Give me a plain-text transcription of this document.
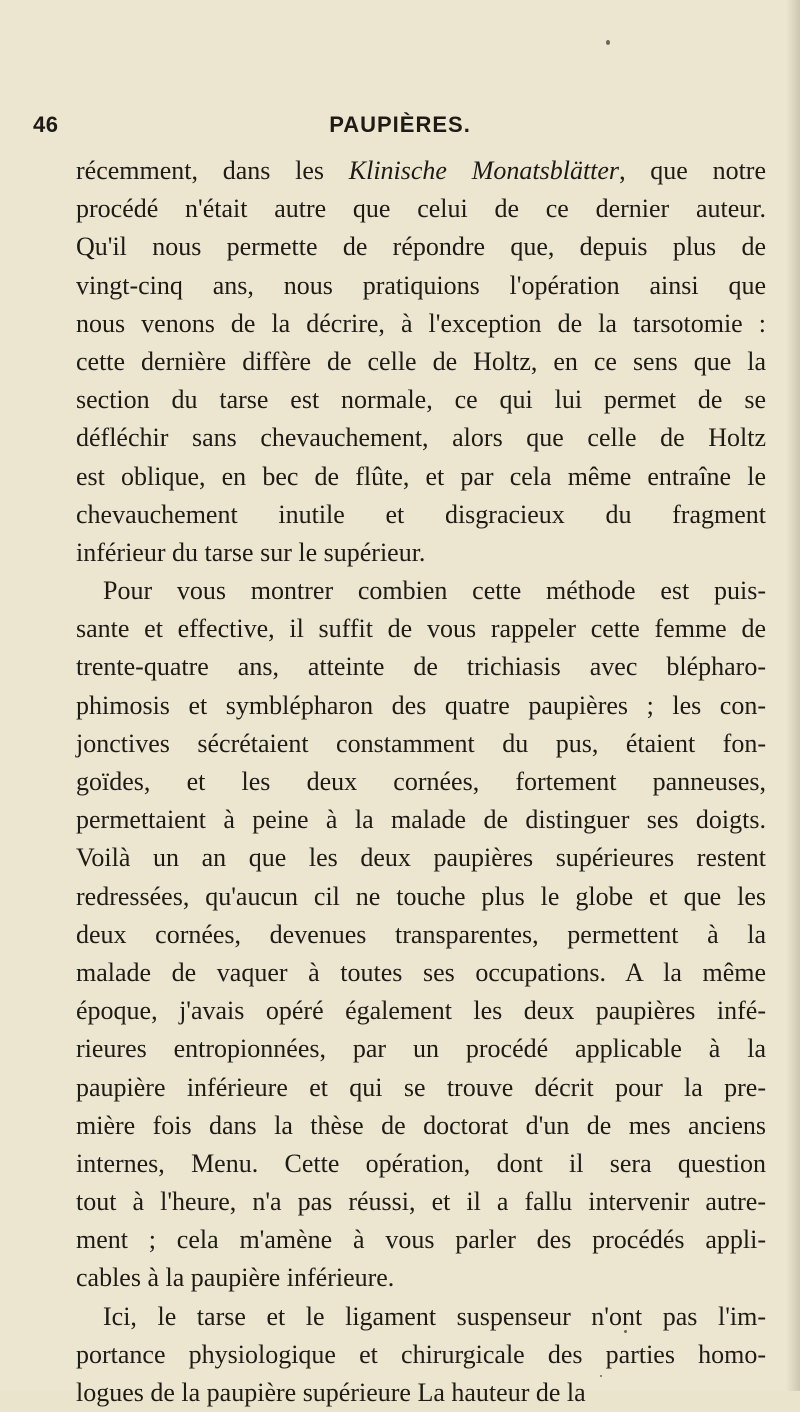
46	PAUPIÈRES.
récemment, dans les Klinische Monatsblätter, que notre
procédé n'était autre que celui de ce dernier auteur.
Qu'il nous permette de répondre que, depuis plus de
vingt-cinq ans, nous pratiquions l'opération ainsi que
nous venons de la décrire, à l'exception de la tarsotomie :
cette dernière diffère de celle de Holtz, en ce sens que la
section du tarse est normale, ce qui lui permet de se
défléchir sans chevauchement, alors que celle de Holtz
est oblique, en bec de flûte, et par cela même entraîne le
chevauchement inutile et disgracieux du fragment
inférieur du tarse sur le supérieur.
Pour vous montrer combien cette méthode est puis-
sante et effective, il suffit de vous rappeler cette femme de
trente-quatre ans, atteinte de trichiasis avec blépharo-
phimosis et symblépharon des quatre paupières ; les con-
jonctives sécrétaient constamment du pus, étaient fon-
goïdes, et les deux cornées, fortement panneuses,
permettaient à peine à la malade de distinguer ses doigts.
Voilà un an que les deux paupières supérieures restent
redressées, qu'aucun cil ne touche plus le globe et que les
deux cornées, devenues transparentes, permettent à la
malade de vaquer à toutes ses occupations. A la même
époque, j'avais opéré également les deux paupières infé-
rieures entropionnées, par un procédé applicable à la
paupière inférieure et qui se trouve décrit pour la pre-
mière fois dans la thèse de doctorat d'un de mes anciens
internes, Menu. Cette opération, dont il sera question
tout à l'heure, n'a pas réussi, et il a fallu intervenir autre-
ment ; cela m'amène à vous parler des procédés appli-
cables à la paupière inférieure.
Ici, le tarse et le ligament suspenseur n'ont pas l'im-
portance physiologique et chirurgicale des parties homo-
logues de la paupière supérieure La hauteur de la
